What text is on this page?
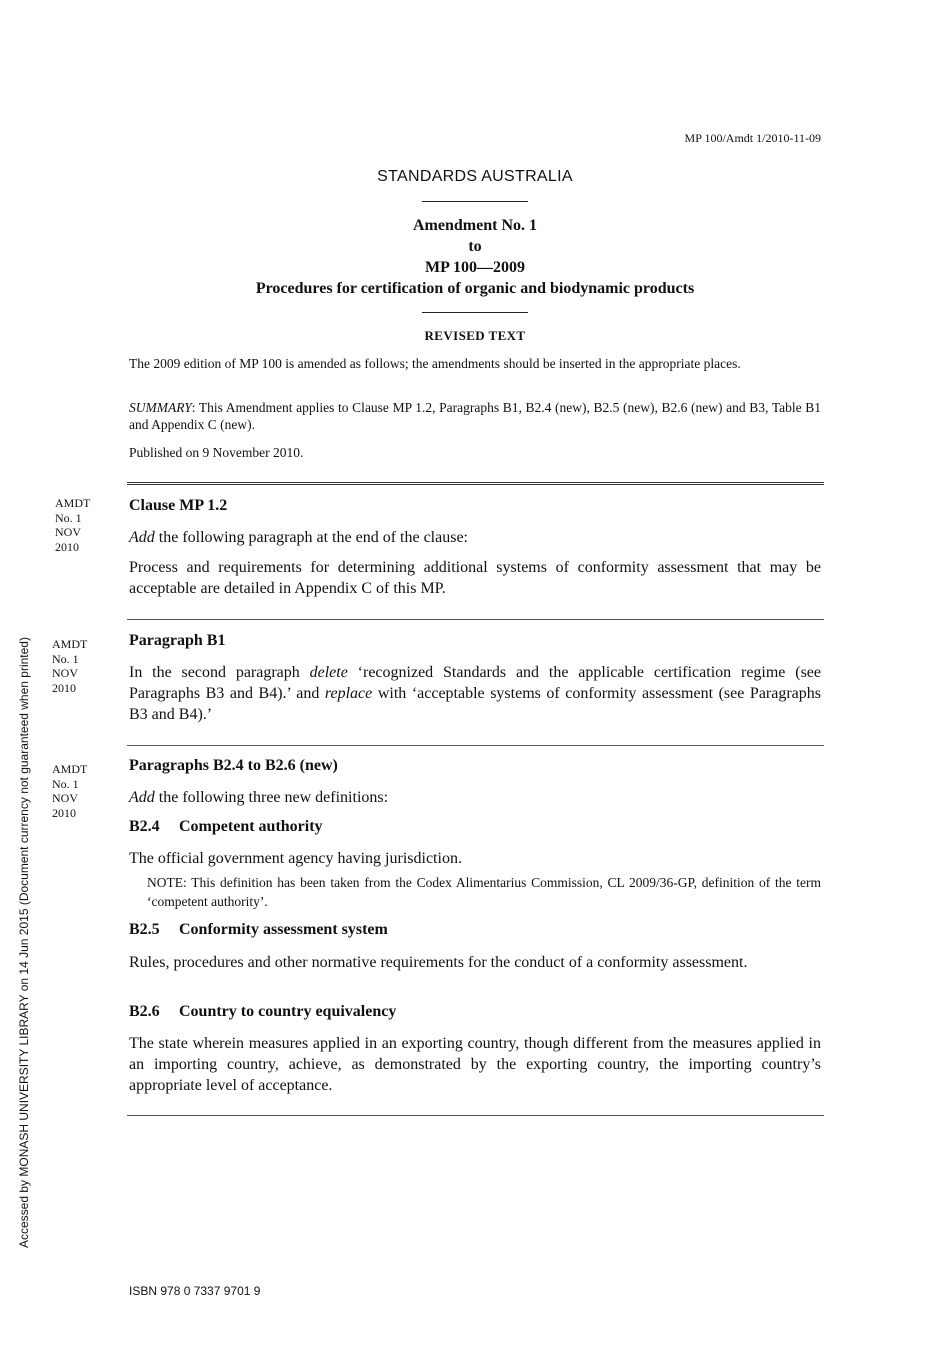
MP 100/Amdt 1/2010-11-09
STANDARDS AUSTRALIA
Amendment No. 1
to
MP 100—2009
Procedures for certification of organic and biodynamic products
REVISED TEXT
The 2009 edition of MP 100 is amended as follows; the amendments should be inserted in the appropriate places.
SUMMARY: This Amendment applies to Clause MP 1.2, Paragraphs B1, B2.4 (new), B2.5 (new), B2.6 (new) and B3, Table B1 and Appendix C (new).
Published on 9 November 2010.
AMDT
No. 1
NOV
2010
Clause MP 1.2
Add the following paragraph at the end of the clause:
Process and requirements for determining additional systems of conformity assessment that may be acceptable are detailed in Appendix C of this MP.
AMDT
No. 1
NOV
2010
Paragraph B1
In the second paragraph delete ‘recognized Standards and the applicable certification regime (see Paragraphs B3 and B4).’ and replace with ‘acceptable systems of conformity assessment (see Paragraphs B3 and B4).’
AMDT
No. 1
NOV
2010
Paragraphs B2.4 to B2.6 (new)
Add the following three new definitions:
B2.4 Competent authority
The official government agency having jurisdiction.
NOTE: This definition has been taken from the Codex Alimentarius Commission, CL 2009/36-GP, definition of the term ‘competent authority’.
B2.5 Conformity assessment system
Rules, procedures and other normative requirements for the conduct of a conformity assessment.
B2.6 Country to country equivalency
The state wherein measures applied in an exporting country, though different from the measures applied in an importing country, achieve, as demonstrated by the exporting country, the importing country’s appropriate level of acceptance.
Accessed by MONASH UNIVERSITY LIBRARY on 14 Jun 2015 (Document currency not guaranteed when printed)
ISBN 978 0 7337 9701 9
